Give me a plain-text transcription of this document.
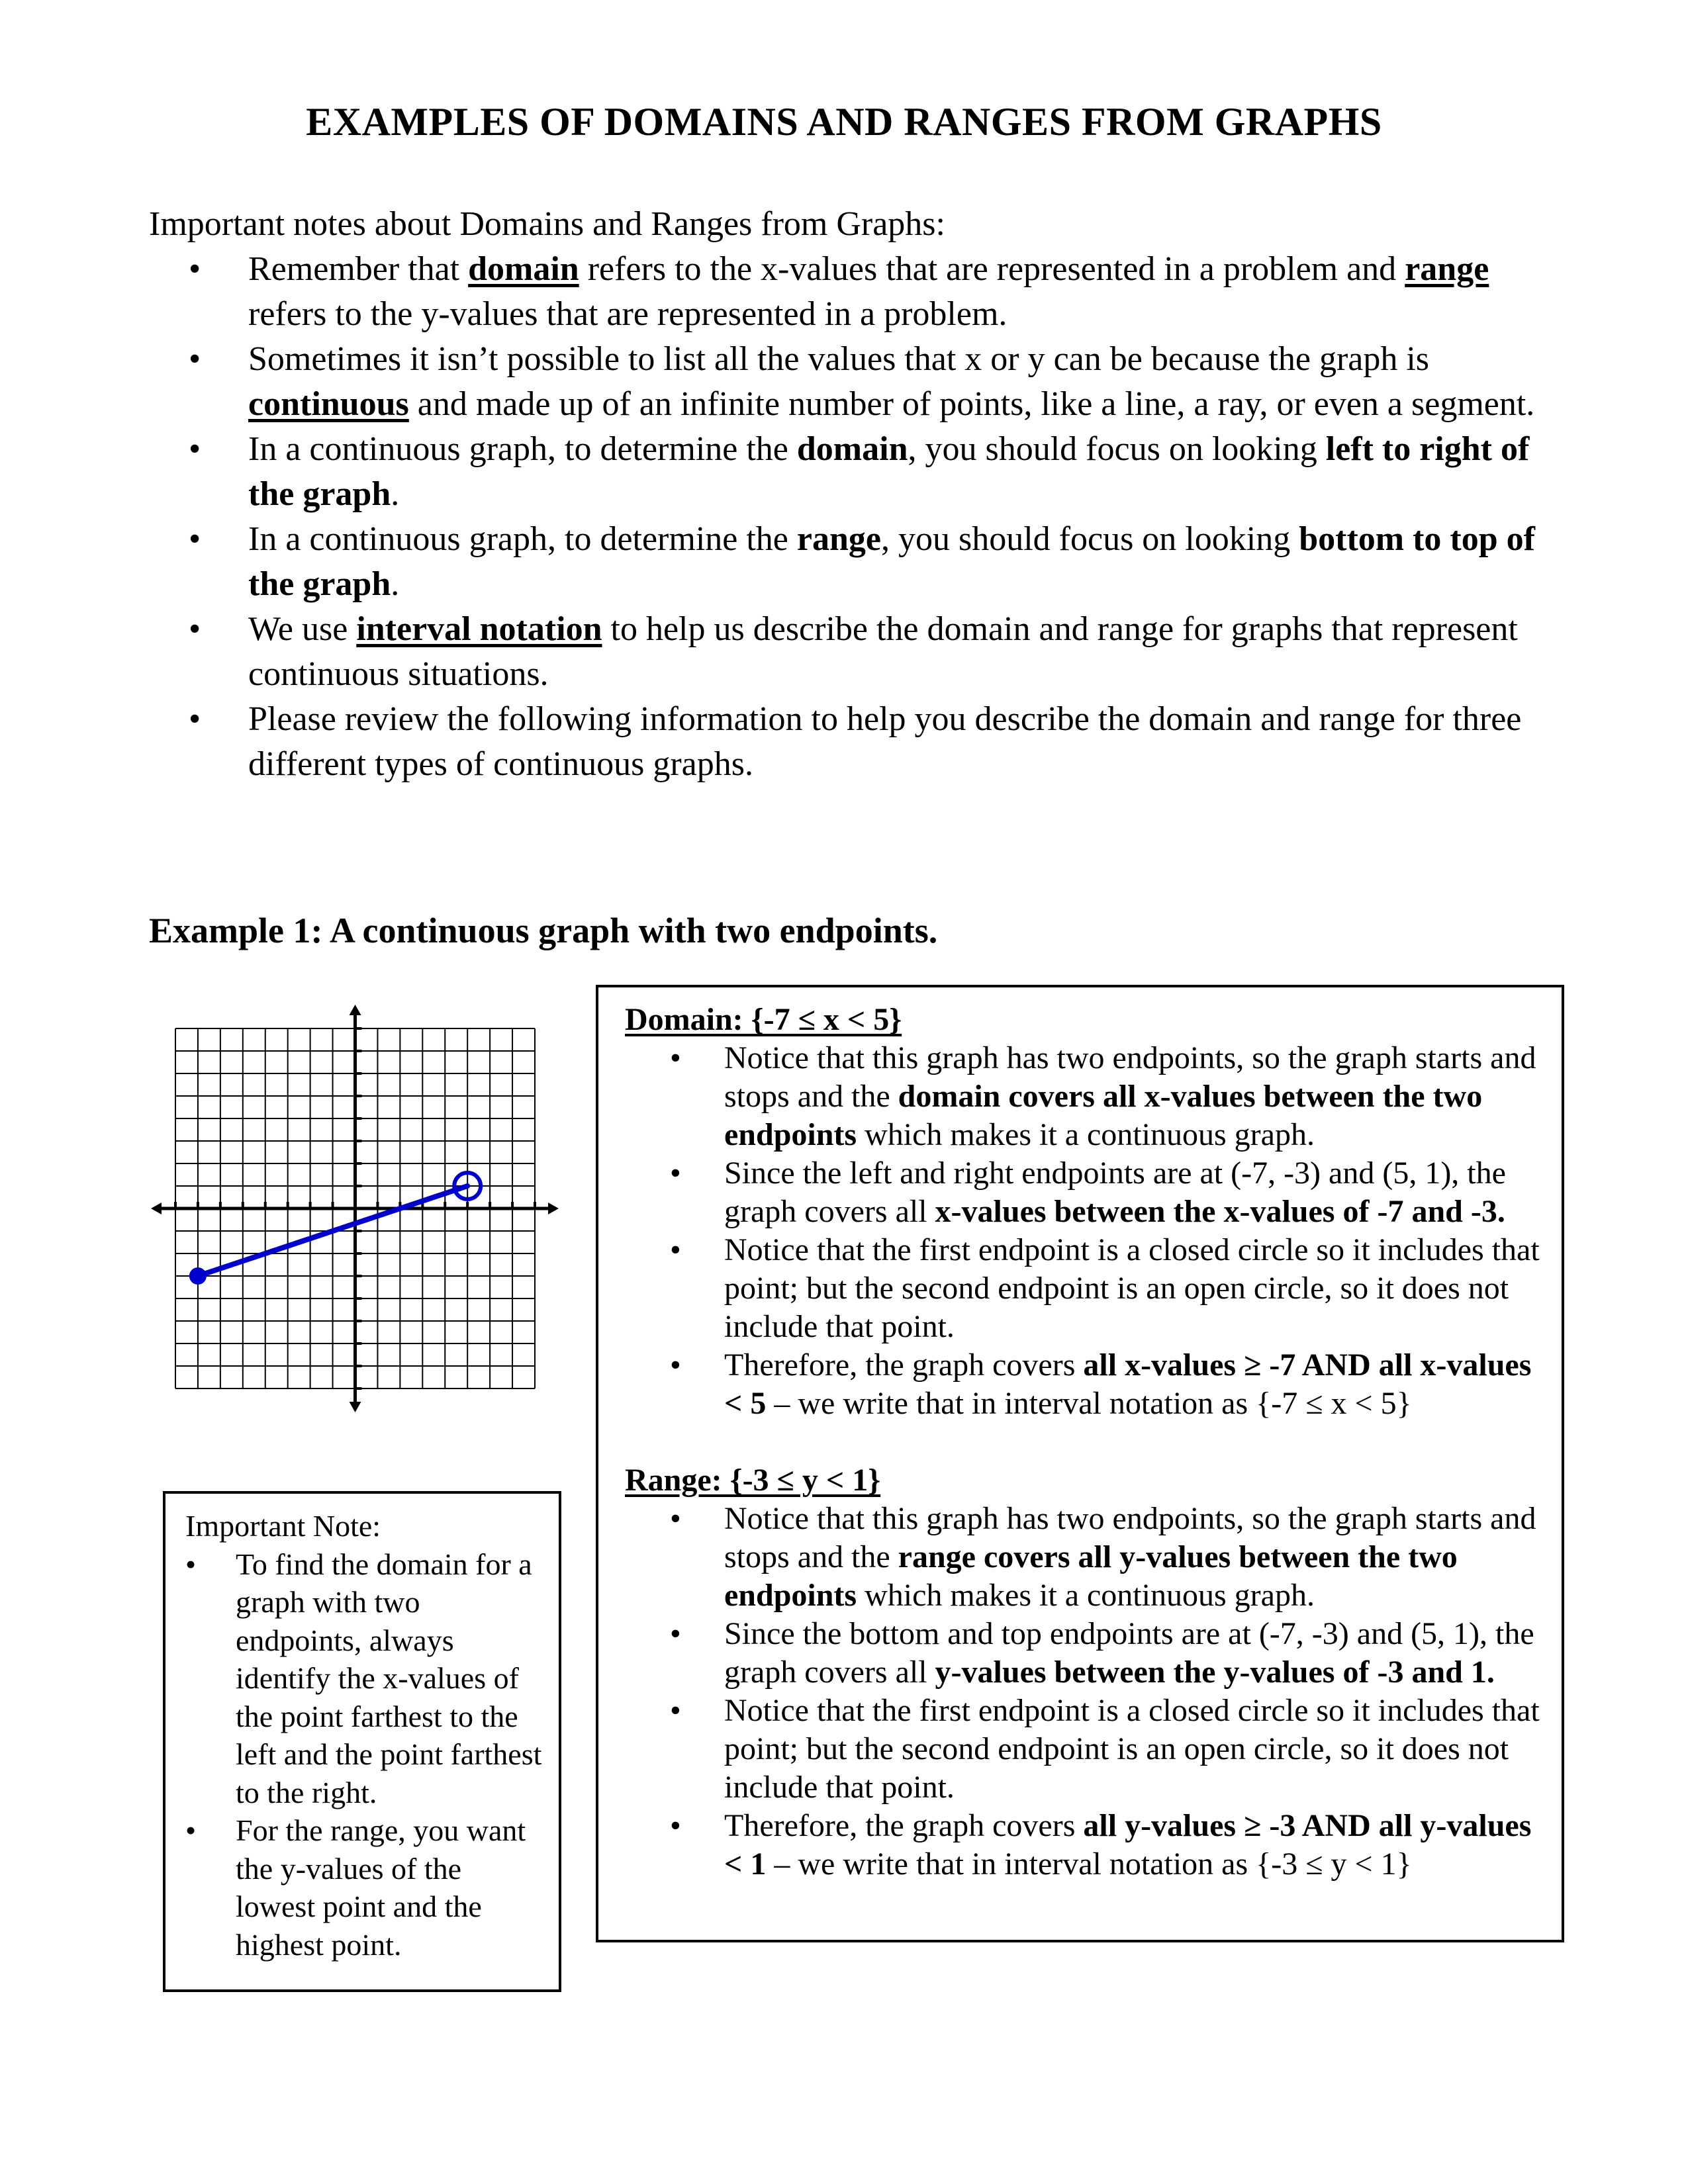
EXAMPLES OF DOMAINS AND RANGES FROM GRAPHS
Important notes about Domains and Ranges from Graphs:
• Remember that domain refers to the x-values that are represented in a problem and range refers to the y-values that are represented in a problem.
• Sometimes it isn’t possible to list all the values that x or y can be because the graph is continuous and made up of an infinite number of points, like a line, a ray, or even a segment.
• In a continuous graph, to determine the domain, you should focus on looking left to right of the graph.
• In a continuous graph, to determine the range, you should focus on looking bottom to top of the graph.
• We use interval notation to help us describe the domain and range for graphs that represent continuous situations.
• Please review the following information to help you describe the domain and range for three different types of continuous graphs.
Example 1: A continuous graph with two endpoints.
Domain: {-7 ≤ x < 5}
• Notice that this graph has two endpoints, so the graph starts and stops and the domain covers all x-values between the two endpoints which makes it a continuous graph.
• Since the left and right endpoints are at (-7, -3) and (5, 1), the graph covers all x-values between the x-values of -7 and -3.
• Notice that the first endpoint is a closed circle so it includes that point; but the second endpoint is an open circle, so it does not include that point.
• Therefore, the graph covers all x-values ≥ -7 AND all x-values < 5 – we write that in interval notation as {-7 ≤ x < 5}
Range: {-3 ≤ y < 1}
• Notice that this graph has two endpoints, so the graph starts and stops and the range covers all y-values between the two endpoints which makes it a continuous graph.
• Since the bottom and top endpoints are at (-7, -3) and (5, 1), the graph covers all y-values between the y-values of -3 and 1.
• Notice that the first endpoint is a closed circle so it includes that point; but the second endpoint is an open circle, so it does not include that point.
• Therefore, the graph covers all y-values ≥ -3 AND all y-values < 1 – we write that in interval notation as {-3 ≤ y < 1}
Important Note:
• To find the domain for a graph with two endpoints, always identify the x-values of the point farthest to the left and the point farthest to the right.
• For the range, you want the y-values of the lowest point and the highest point.
